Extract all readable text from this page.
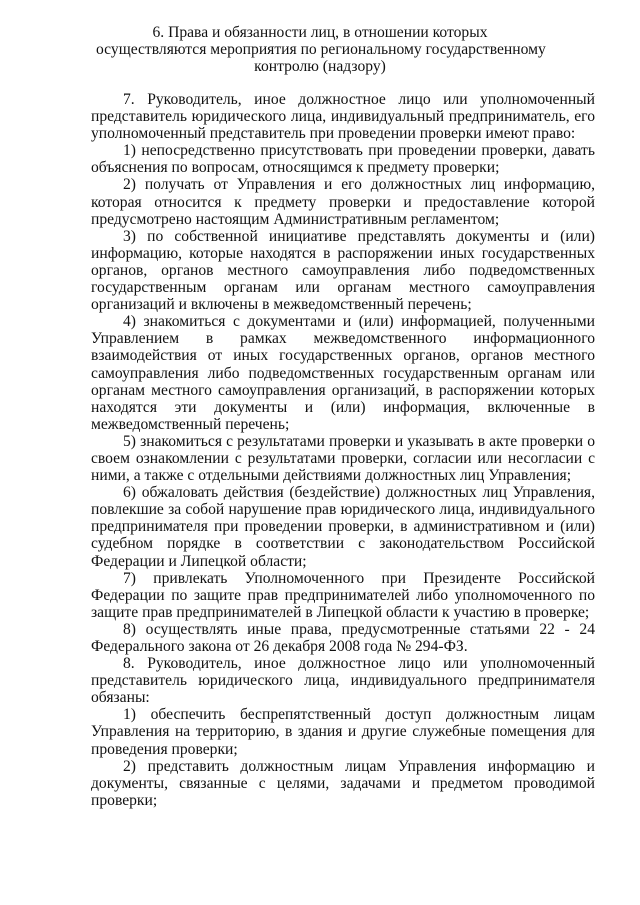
6. Права и обязанности лиц, в отношении которых
осуществляются мероприятия по региональному государственному
контролю (надзору)

7. Руководитель, иное должностное лицо или уполномоченный представитель юридического лица, индивидуальный предприниматель, его уполномоченный представитель при проведении проверки имеют право:

1) непосредственно присутствовать при проведении проверки, давать объяснения по вопросам, относящимся к предмету проверки;

2) получать от Управления и его должностных лиц информацию, которая относится к предмету проверки и предоставление которой предусмотрено настоящим Административным регламентом;

3) по собственной инициативе представлять документы и (или) информацию, которые находятся в распоряжении иных государственных органов, органов местного самоуправления либо подведомственных государственным органам или органам местного самоуправления организаций и включены в межведомственный перечень;

4) знакомиться с документами и (или) информацией, полученными Управлением в рамках межведомственного информационного взаимодействия от иных государственных органов, органов местного самоуправления либо подведомственных государственным органам или органам местного самоуправления организаций, в распоряжении которых находятся эти документы и (или) информация, включенные в межведомственный перечень;

5) знакомиться с результатами проверки и указывать в акте проверки о своем ознакомлении с результатами проверки, согласии или несогласии с ними, а также с отдельными действиями должностных лиц Управления;

6) обжаловать действия (бездействие) должностных лиц Управления, повлекшие за собой нарушение прав юридического лица, индивидуального предпринимателя при проведении проверки, в административном и (или) судебном порядке в соответствии с законодательством Российской Федерации и Липецкой области;

7) привлекать Уполномоченного при Президенте Российской Федерации по защите прав предпринимателей либо уполномоченного по защите прав предпринимателей в Липецкой области к участию в проверке;

8) осуществлять иные права, предусмотренные статьями 22 - 24 Федерального закона от 26 декабря 2008 года № 294-ФЗ.

8. Руководитель, иное должностное лицо или уполномоченный представитель юридического лица, индивидуального предпринимателя обязаны:

1) обеспечить беспрепятственный доступ должностным лицам Управления на территорию, в здания и другие служебные помещения для проведения проверки;

2) представить должностным лицам Управления информацию и документы, связанные с целями, задачами и предметом проводимой проверки;
